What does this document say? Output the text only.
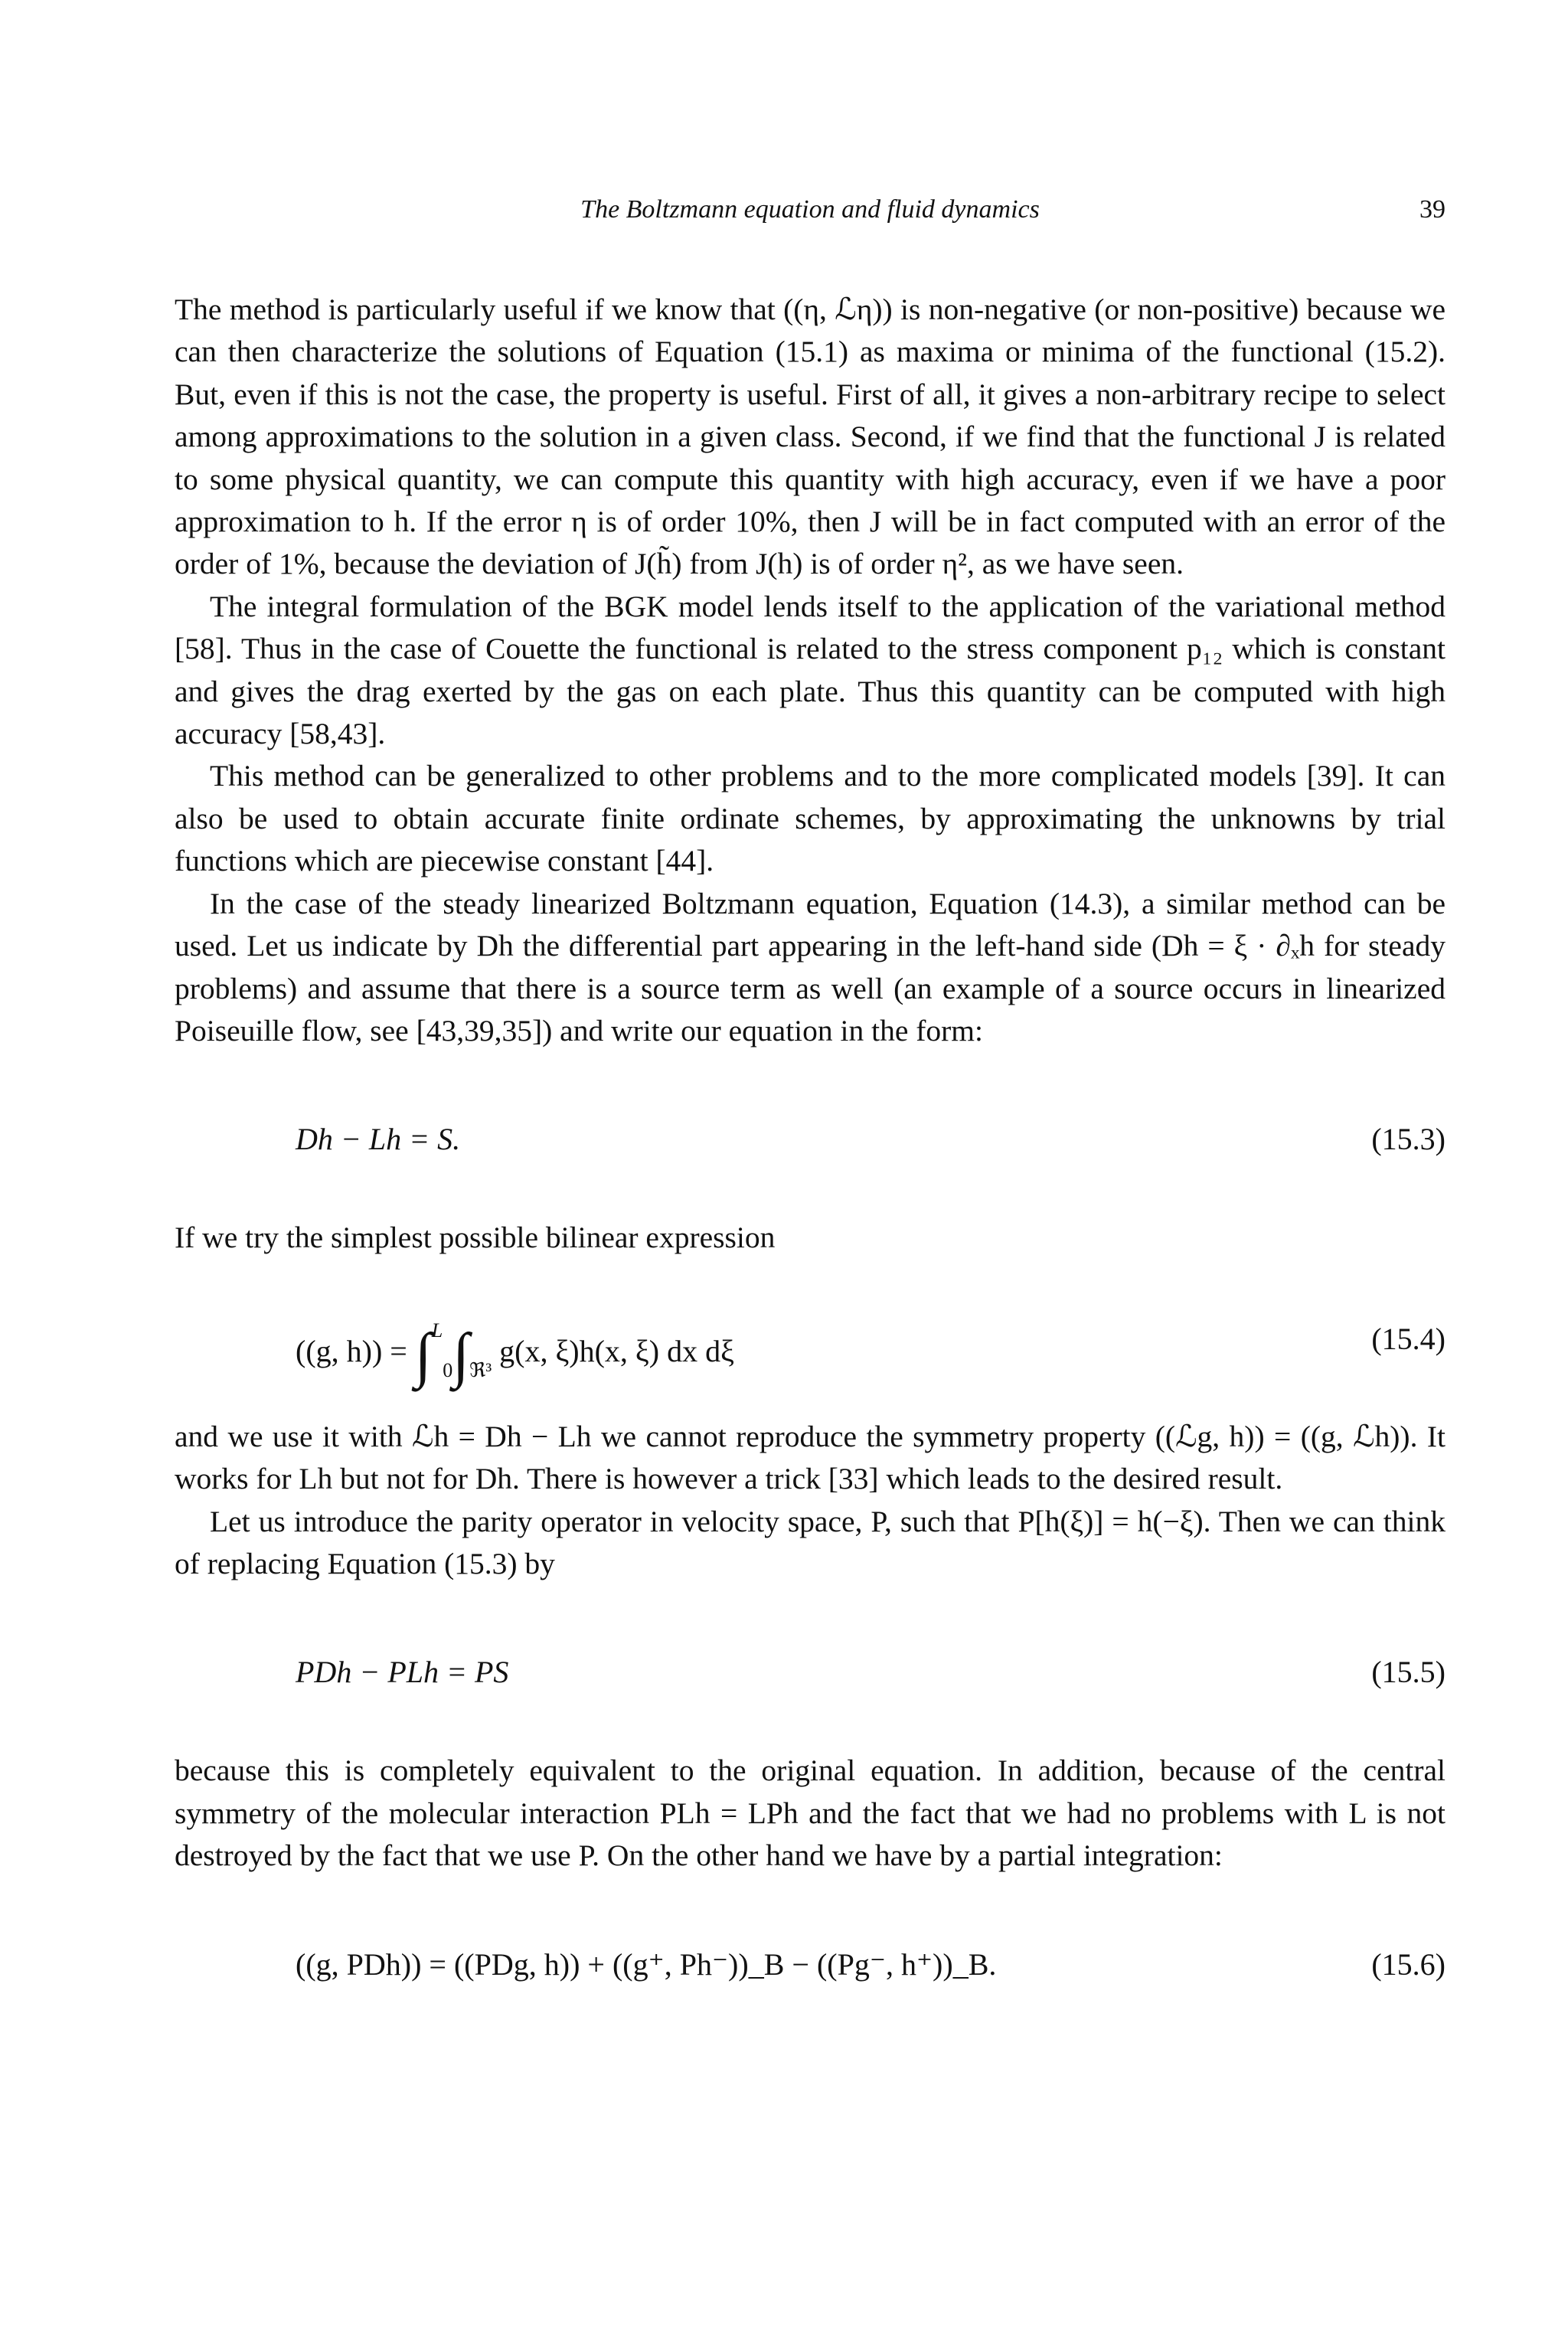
The Boltzmann equation and fluid dynamics	39

The method is particularly useful if we know that ((η, ℒη)) is non-negative (or non-positive) because we can then characterize the solutions of Equation (15.1) as maxima or minima of the functional (15.2). But, even if this is not the case, the property is useful. First of all, it gives a non-arbitrary recipe to select among approximations to the solution in a given class. Second, if we find that the functional J is related to some physical quantity, we can compute this quantity with high accuracy, even if we have a poor approximation to h. If the error η is of order 10%, then J will be in fact computed with an error of the order of 1%, because the deviation of J(h̃) from J(h) is of order η², as we have seen.

The integral formulation of the BGK model lends itself to the application of the variational method [58]. Thus in the case of Couette the functional is related to the stress component p₁₂ which is constant and gives the drag exerted by the gas on each plate. Thus this quantity can be computed with high accuracy [58,43].

This method can be generalized to other problems and to the more complicated models [39]. It can also be used to obtain accurate finite ordinate schemes, by approximating the unknowns by trial functions which are piecewise constant [44].

In the case of the steady linearized Boltzmann equation, Equation (14.3), a similar method can be used. Let us indicate by Dh the differential part appearing in the left-hand side (Dh = ξ · ∂ₓh for steady problems) and assume that there is a source term as well (an example of a source occurs in linearized Poiseuille flow, see [43,39,35]) and write our equation in the form:

Dh − Lh = S.	(15.3)

If we try the simplest possible bilinear expression

((g, $h)) = \int^L_0\int_{ℜ^3}$ g(x, ξ)h(x, ξ) dx dξ	(15.4)

and we use it with ℒh = Dh − Lh we cannot reproduce the symmetry property ((ℒg, h)) = ((g, ℒh)). It works for Lh but not for Dh. There is however a trick [33] which leads to the desired result.

Let us introduce the parity operator in velocity space, P, such that P[h(ξ)] = h(−ξ). Then we can think of replacing Equation (15.3) by

PDh − PLh = PS	(15.5)

because this is completely equivalent to the original equation. In addition, because of the central symmetry of the molecular interaction PLh = LPh and the fact that we had no problems with L is not destroyed by the fact that we use P. On the other hand we have by a partial integration:

((g, PDh)) = ((PDg, h)) + ((g⁺, Ph⁻))_B − ((Pg⁻, h⁺))_B.	(15.6)
